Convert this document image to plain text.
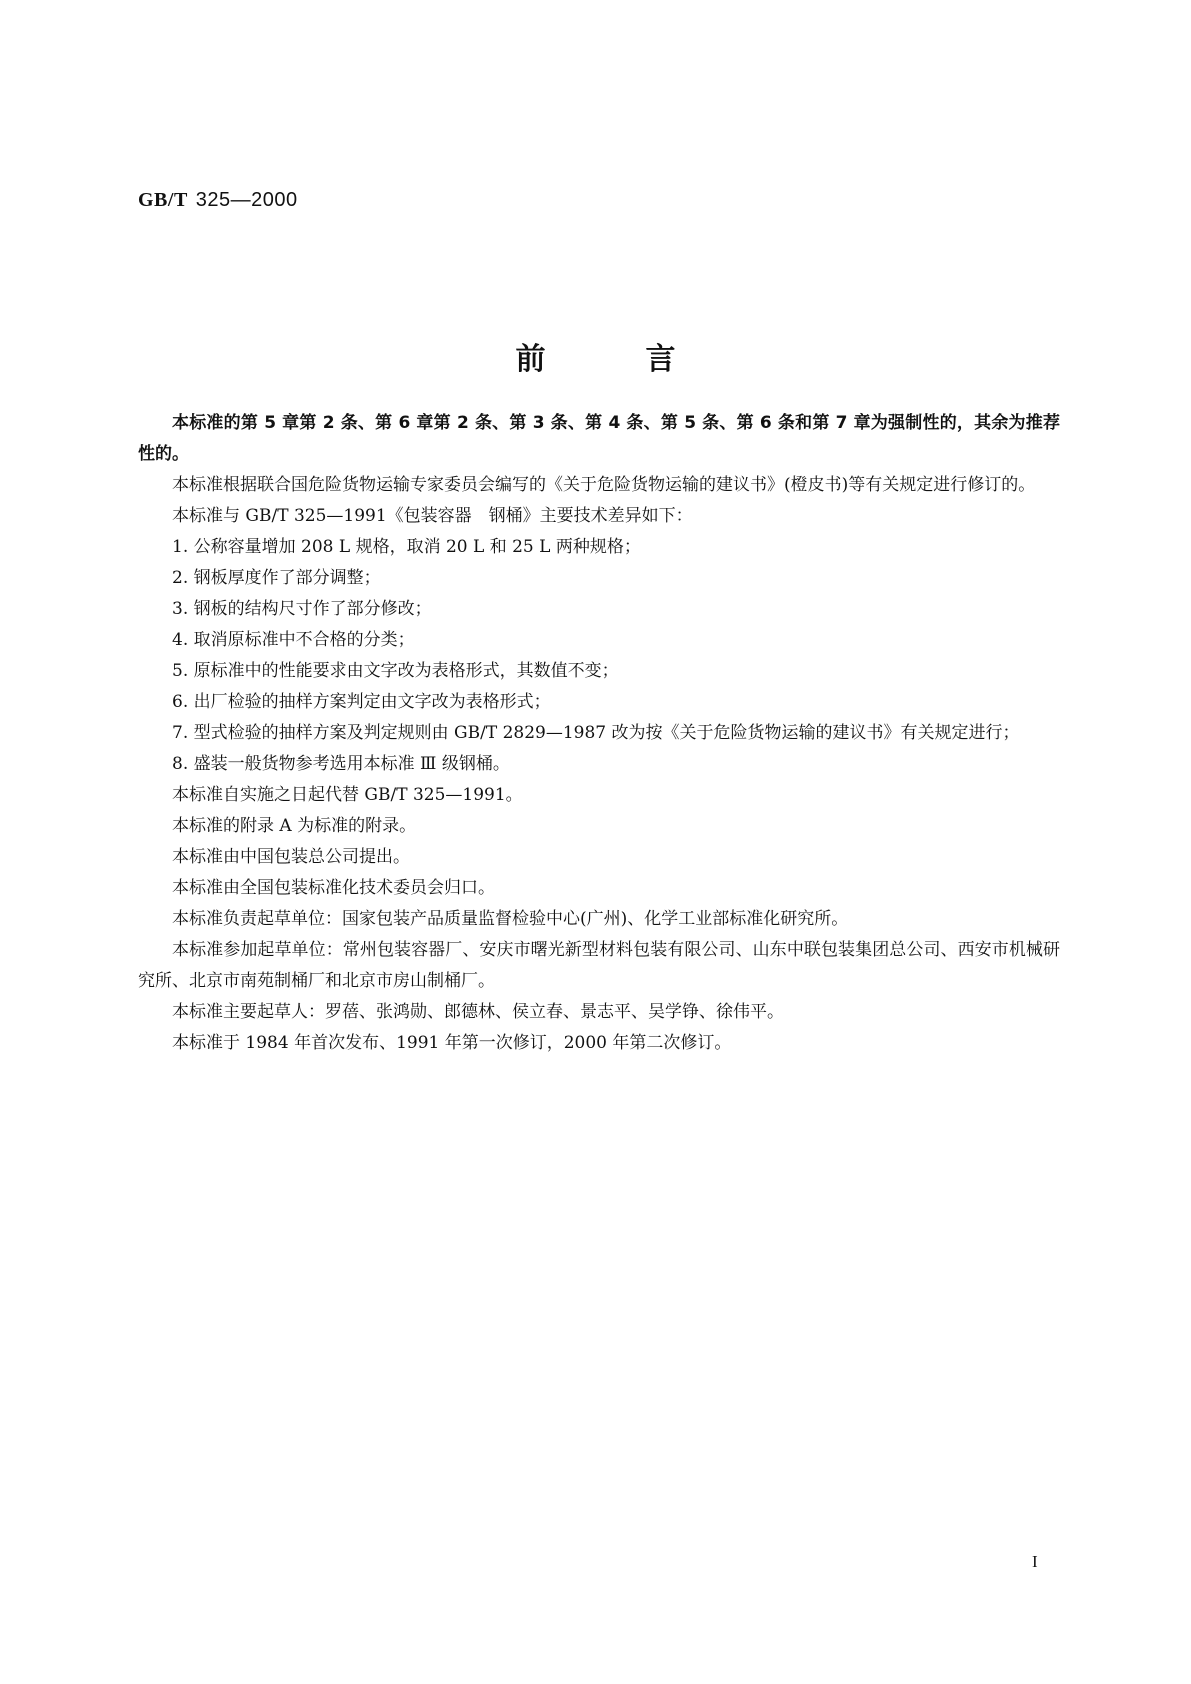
GB/T 325—2000
前言

本标准的第 5 章第 2 条、第 6 章第 2 条、第 3 条、第 4 条、第 5 条、第 6 条和第 7 章为强制性的，其余为推荐性的。

本标准根据联合国危险货物运输专家委员会编写的《关于危险货物运输的建议书》(橙皮书)等有关规定进行修订的。

本标准与 GB/T 325—1991《包装容器　钢桶》主要技术差异如下：

1. 公称容量增加 208 L 规格，取消 20 L 和 25 L 两种规格；

2. 钢板厚度作了部分调整；

3. 钢板的结构尺寸作了部分修改；

4. 取消原标准中不合格的分类；

5. 原标准中的性能要求由文字改为表格形式，其数值不变；

6. 出厂检验的抽样方案判定由文字改为表格形式；

7. 型式检验的抽样方案及判定规则由 GB/T 2829—1987 改为按《关于危险货物运输的建议书》有关规定进行；

8. 盛装一般货物参考选用本标准 Ⅲ 级钢桶。

本标准自实施之日起代替 GB/T 325—1991。

本标准的附录 A 为标准的附录。

本标准由中国包装总公司提出。

本标准由全国包装标准化技术委员会归口。

本标准负责起草单位：国家包装产品质量监督检验中心(广州)、化学工业部标准化研究所。

本标准参加起草单位：常州包装容器厂、安庆市曙光新型材料包装有限公司、山东中联包装集团总公司、西安市机械研究所、北京市南苑制桶厂和北京市房山制桶厂。

本标准主要起草人：罗蓓、张鸿勋、郎德林、侯立春、景志平、吴学铮、徐伟平。

本标准于 1984 年首次发布、1991 年第一次修订，2000 年第二次修订。

I
